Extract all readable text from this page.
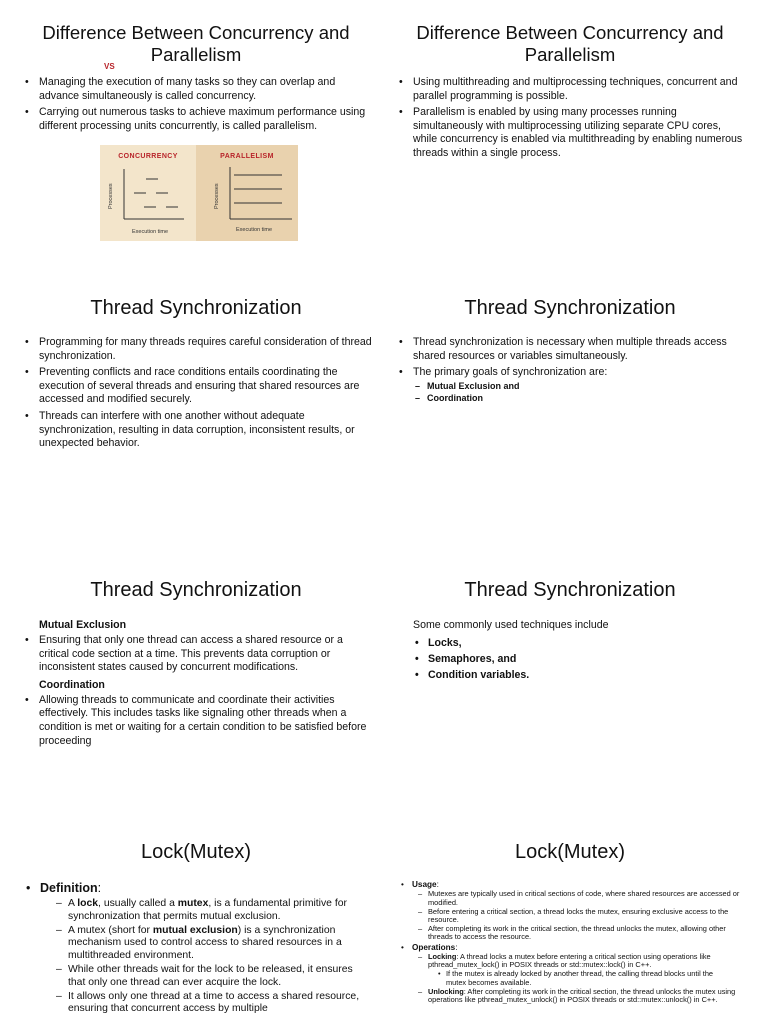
Difference Between Concurrency and Parallelism
• Managing the execution of many tasks so they can overlap and advance simultaneously is called concurrency.
• Carrying out numerous tasks to achieve maximum performance using different processing units concurrently, is called parallelism.
CONCURRENCY
Processes
Execution time
VS
PARALLELISM
Processes
Execution time
Difference Between Concurrency and Parallelism
• Using multithreading and multiprocessing techniques, concurrent and parallel programming is possible.
• Parallelism is enabled by using many processes running simultaneously with multiprocessing utilizing separate CPU cores, while concurrency is enabled via multithreading by enabling numerous threads within a single process.
Thread Synchronization
• Programming for many threads requires careful consideration of thread synchronization.
• Preventing conflicts and race conditions entails coordinating the execution of several threads and ensuring that shared resources are accessed and modified securely.
• Threads can interfere with one another without adequate synchronization, resulting in data corruption, inconsistent results, or unexpected behavior.
Thread Synchronization
• Thread synchronization is necessary when multiple threads access shared resources or variables simultaneously.
• The primary goals of synchronization are:
– Mutual Exclusion and
– Coordination
Thread Synchronization
Mutual Exclusion
• Ensuring that only one thread can access a shared resource or a critical code section at a time. This prevents data corruption or inconsistent states caused by concurrent modifications.
Coordination
• Allowing threads to communicate and coordinate their activities effectively. This includes tasks like signaling other threads when a condition is met or waiting for a certain condition to be satisfied before proceeding
Thread Synchronization
Some commonly used techniques include
• Locks,
• Semaphores, and
• Condition variables.
Lock(Mutex)
• Definition:
– A lock, usually called a mutex, is a fundamental primitive for synchronization that permits mutual exclusion.
– A mutex (short for mutual exclusion) is a synchronization mechanism used to control access to shared resources in a multithreaded environment.
– While other threads wait for the lock to be released, it ensures that only one thread can ever acquire the lock.
– It allows only one thread at a time to access a shared resource, ensuring that concurrent access by multiple
Lock(Mutex)
• Usage:
– Mutexes are typically used in critical sections of code, where shared resources are accessed or modified.
– Before entering a critical section, a thread locks the mutex, ensuring exclusive access to the resource.
– After completing its work in the critical section, the thread unlocks the mutex, allowing other threads to access the resource.
• Operations:
– Locking: A thread locks a mutex before entering a critical section using operations like pthread_mutex_lock() in POSIX threads or std::mutex::lock() in C++.
• If the mutex is already locked by another thread, the calling thread blocks until the mutex becomes available.
– Unlocking: After completing its work in the critical section, the thread unlocks the mutex using operations like pthread_mutex_unlock() in POSIX threads or std::mutex::unlock() in C++.
